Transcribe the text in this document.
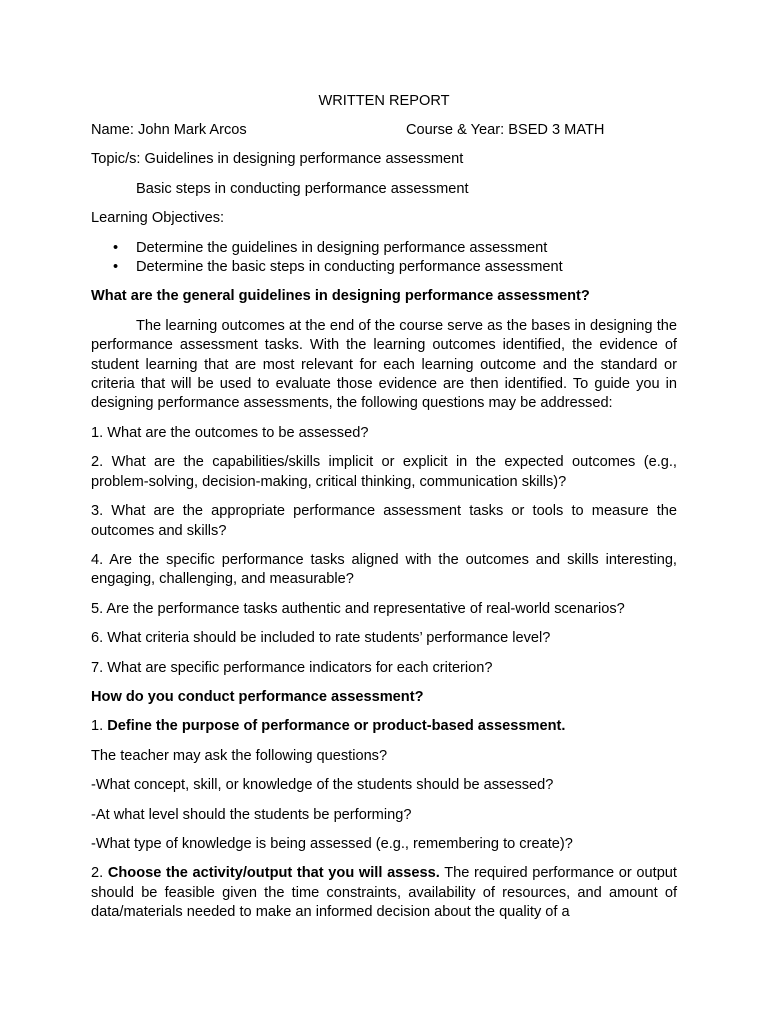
WRITTEN REPORT
Name: John Mark Arcos	Course & Year: BSED 3 MATH
Topic/s: Guidelines in designing performance assessment
Basic steps in conducting performance assessment
Learning Objectives:
• Determine the guidelines in designing performance assessment
• Determine the basic steps in conducting performance assessment
What are the general guidelines in designing performance assessment?
The learning outcomes at the end of the course serve as the bases in designing the performance assessment tasks. With the learning outcomes identified, the evidence of student learning that are most relevant for each learning outcome and the standard or criteria that will be used to evaluate those evidence are then identified. To guide you in designing performance assessments, the following questions may be addressed:
1. What are the outcomes to be assessed?
2. What are the capabilities/skills implicit or explicit in the expected outcomes (e.g., problem-solving, decision-making, critical thinking, communication skills)?
3. What are the appropriate performance assessment tasks or tools to measure the outcomes and skills?
4. Are the specific performance tasks aligned with the outcomes and skills interesting, engaging, challenging, and measurable?
5. Are the performance tasks authentic and representative of real-world scenarios?
6. What criteria should be included to rate students’ performance level?
7. What are specific performance indicators for each criterion?
How do you conduct performance assessment?
1. Define the purpose of performance or product-based assessment.
The teacher may ask the following questions?
-What concept, skill, or knowledge of the students should be assessed?
-At what level should the students be performing?
-What type of knowledge is being assessed (e.g., remembering to create)?
2. Choose the activity/output that you will assess. The required performance or output should be feasible given the time constraints, availability of resources, and amount of data/materials needed to make an informed decision about the quality of a
